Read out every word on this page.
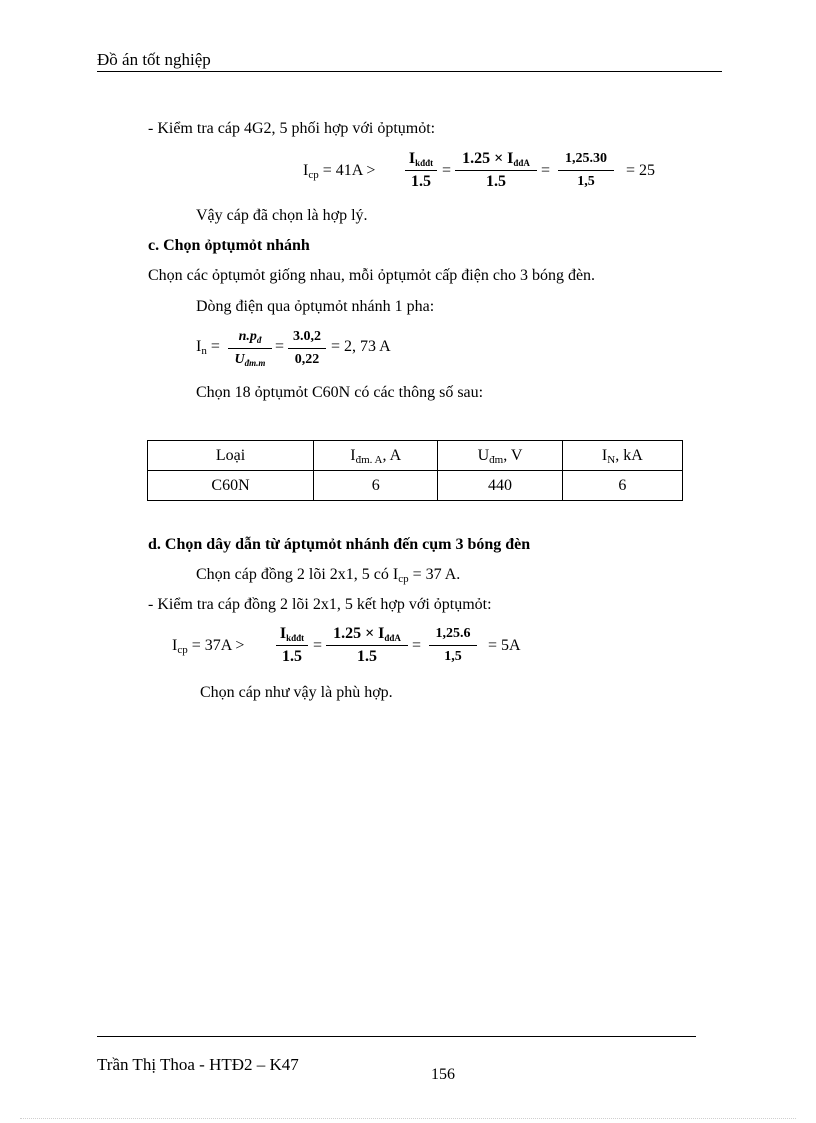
Đồ án tốt nghiệp
- Kiểm tra cáp 4G2, 5 phối hợp với ỏptụmỏt:
$I_{cp} = 41A$ >
$I_{kđđt}$
1.5
=
$1.25 \times I_{đđA}$
1.5
=
1,25.30
1,5
= 25
Vậy cáp đã chọn là hợp lý.
c. Chọn ỏptụmỏt nhánh
Chọn các ỏptụmỏt giống nhau, mỗi ỏptụmỏt cấp điện cho 3 bóng đèn.
Dòng điện qua ỏptụmỏt nhánh 1 pha:
$I_n$ =
$n.p_đ$
$U_{đm.m}$
=
3.0,2
0,22
= 2, 73 A
Chọn 18 ỏptụmỏt C60N có các thông số sau:
Loại	$I_{đm. A}$, A	$U_{đm}$, V	$I_N$, kA
C60N	6	440	6
d. Chọn dây dẫn từ áptụmỏt nhánh đến cụm 3 bóng đèn
Chọn cáp đồng 2 lõi 2x1, 5 có $I_{cp} = 37$ A.
- Kiểm tra cáp đồng 2 lõi 2x1, 5 kết hợp với ỏptụmỏt:
$I_{cp} = 37A$ >
$I_{kđđt}$
1.5
=
$1.25 \times I_{đđA}$
1.5
=
1,25.6
1,5
= 5A
Chọn cáp như vậy là phù hợp.
Trần Thị Thoa - HTĐ2 – K47
156
